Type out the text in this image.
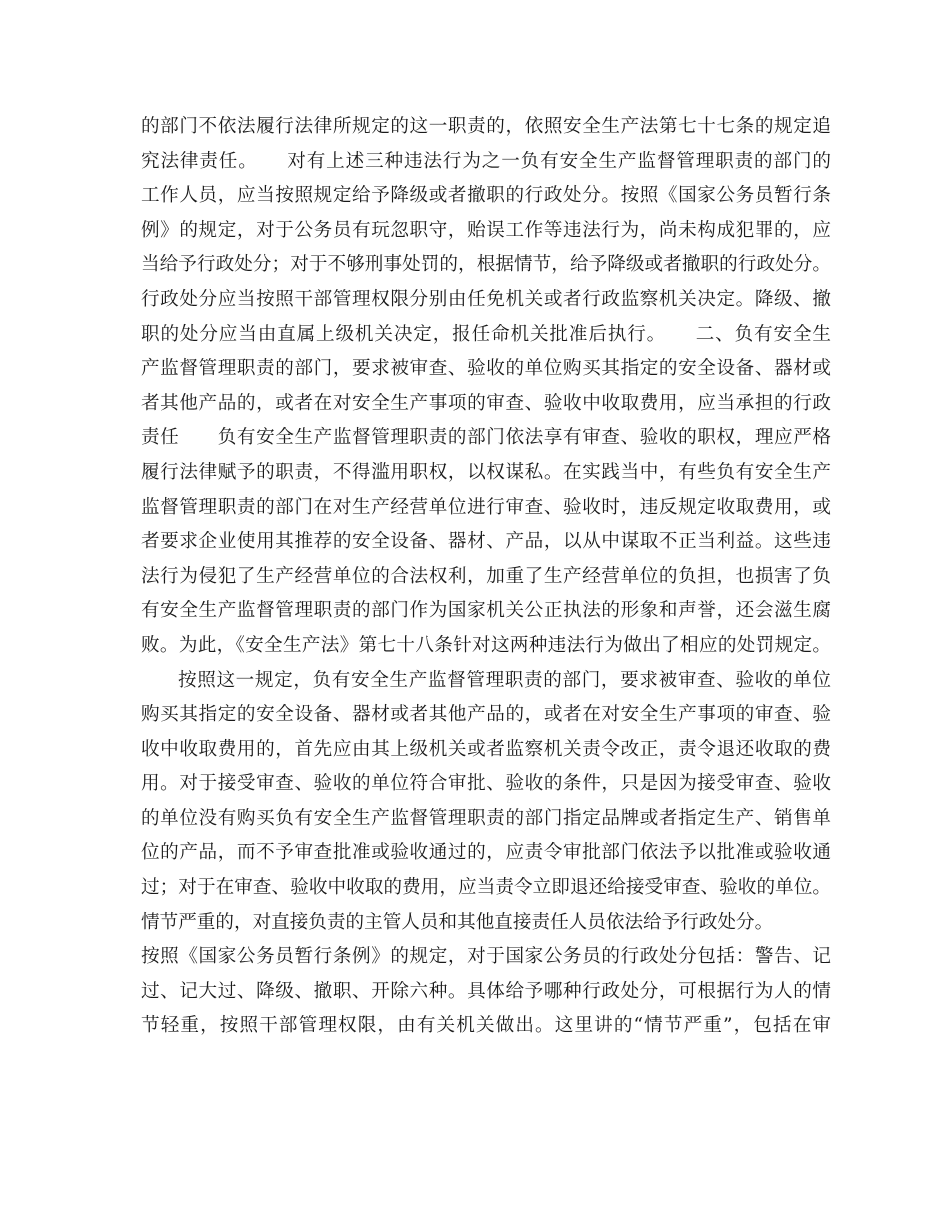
的部门不依法履行法律所规定的这一职责的，依照安全生产法第七十七条的规定追
究法律责任。　　对有上述三种违法行为之一负有安全生产监督管理职责的部门的
工作人员，应当按照规定给予降级或者撤职的行政处分。按照《国家公务员暂行条
例》的规定，对于公务员有玩忽职守，贻误工作等违法行为，尚未构成犯罪的，应
当给予行政处分；对于不够刑事处罚的，根据情节，给予降级或者撤职的行政处分。
行政处分应当按照干部管理权限分别由任免机关或者行政监察机关决定。降级、撤
职的处分应当由直属上级机关决定，报任命机关批准后执行。　　二、负有安全生
产监督管理职责的部门，要求被审查、验收的单位购买其指定的安全设备、器材或
者其他产品的，或者在对安全生产事项的审查、验收中收取费用，应当承担的行政
责任　　负有安全生产监督管理职责的部门依法享有审查、验收的职权，理应严格
履行法律赋予的职责，不得滥用职权，以权谋私。在实践当中，有些负有安全生产
监督管理职责的部门在对生产经营单位进行审查、验收时，违反规定收取费用，或
者要求企业使用其推荐的安全设备、器材、产品，以从中谋取不正当利益。这些违
法行为侵犯了生产经营单位的合法权利，加重了生产经营单位的负担，也损害了负
有安全生产监督管理职责的部门作为国家机关公正执法的形象和声誉，还会滋生腐
败。为此，《安全生产法》第七十八条针对这两种违法行为做出了相应的处罚规定。
按照这一规定，负有安全生产监督管理职责的部门，要求被审查、验收的单位
购买其指定的安全设备、器材或者其他产品的，或者在对安全生产事项的审查、验
收中收取费用的，首先应由其上级机关或者监察机关责令改正，责令退还收取的费
用。对于接受审查、验收的单位符合审批、验收的条件，只是因为接受审查、验收
的单位没有购买负有安全生产监督管理职责的部门指定品牌或者指定生产、销售单
位的产品，而不予审查批准或验收通过的，应责令审批部门依法予以批准或验收通
过；对于在审查、验收中收取的费用，应当责令立即退还给接受审查、验收的单位。
情节严重的，对直接负责的主管人员和其他直接责任人员依法给予行政处分。
按照《国家公务员暂行条例》的规定，对于国家公务员的行政处分包括：警告、记
过、记大过、降级、撤职、开除六种。具体给予哪种行政处分，可根据行为人的情
节轻重，按照干部管理权限，由有关机关做出。这里讲的“情节严重”，包括在审
